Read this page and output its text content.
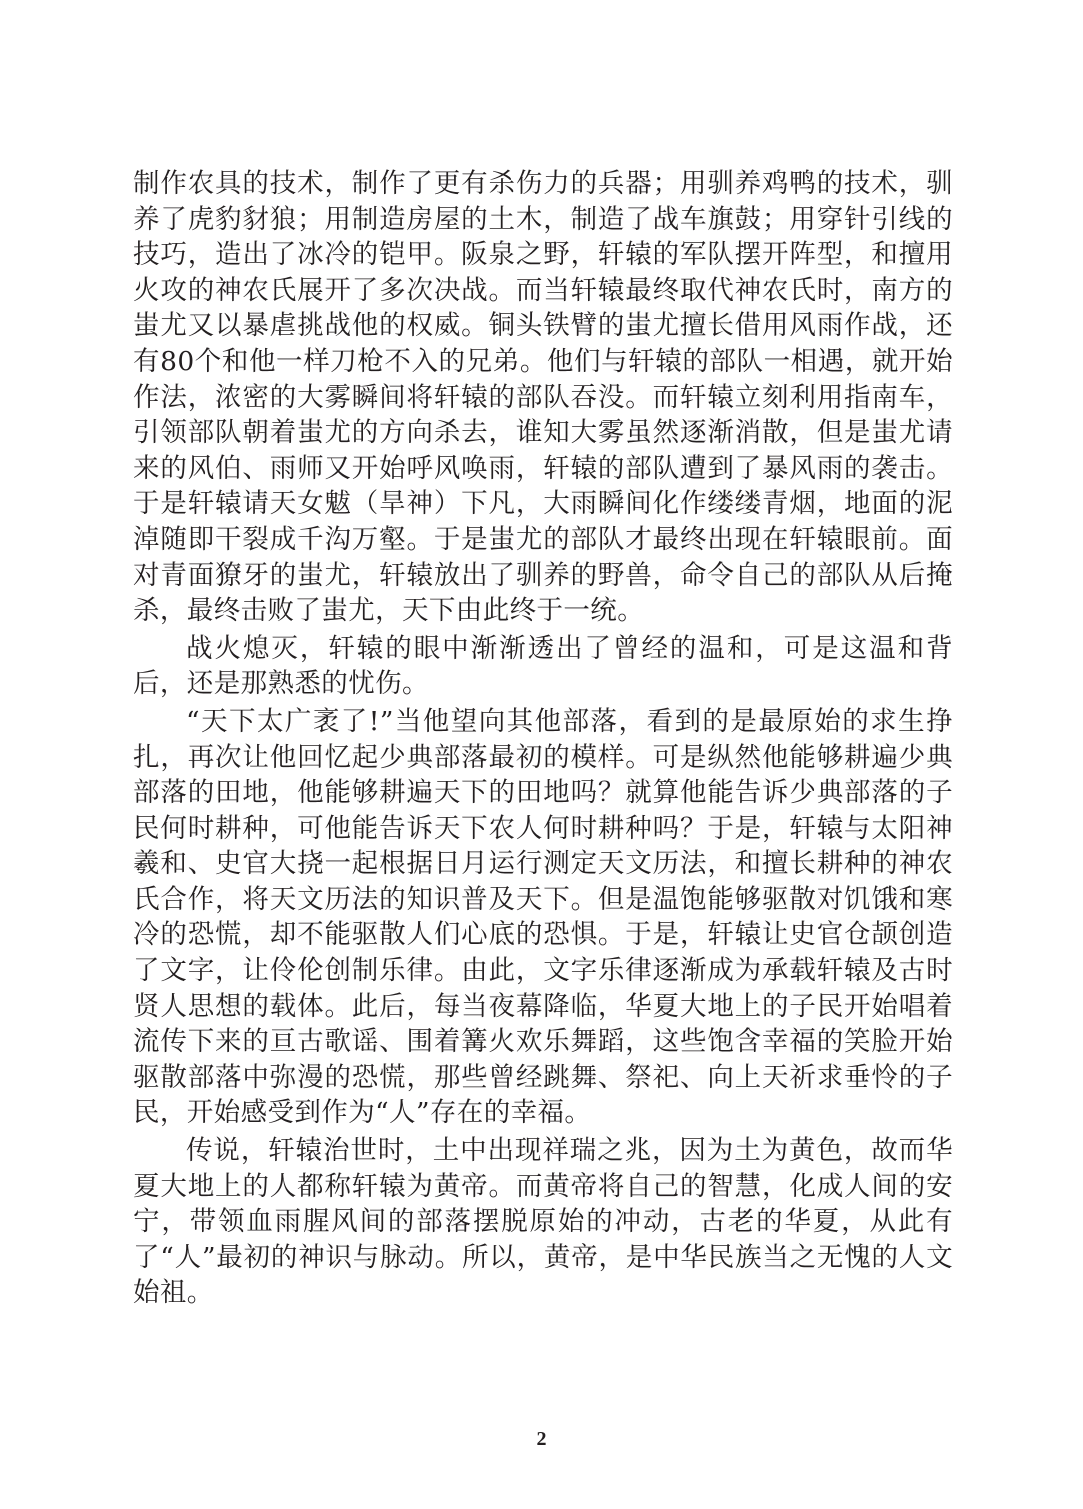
制作农具的技术，制作了更有杀伤力的兵器；用驯养鸡鸭的技术，驯养了虎豹豺狼；用制造房屋的土木，制造了战车旗鼓；用穿针引线的技巧，造出了冰冷的铠甲。阪泉之野，轩辕的军队摆开阵型，和擅用火攻的神农氏展开了多次决战。而当轩辕最终取代神农氏时，南方的蚩尤又以暴虐挑战他的权威。铜头铁臂的蚩尤擅长借用风雨作战，还有80个和他一样刀枪不入的兄弟。他们与轩辕的部队一相遇，就开始作法，浓密的大雾瞬间将轩辕的部队吞没。而轩辕立刻利用指南车，引领部队朝着蚩尤的方向杀去，谁知大雾虽然逐渐消散，但是蚩尤请来的风伯、雨师又开始呼风唤雨，轩辕的部队遭到了暴风雨的袭击。于是轩辕请天女魃（旱神）下凡，大雨瞬间化作缕缕青烟，地面的泥淖随即干裂成千沟万壑。于是蚩尤的部队才最终出现在轩辕眼前。面对青面獠牙的蚩尤，轩辕放出了驯养的野兽，命令自己的部队从后掩杀，最终击败了蚩尤，天下由此终于一统。

战火熄灭，轩辕的眼中渐渐透出了曾经的温和，可是这温和背后，还是那熟悉的忧伤。

“天下太广袤了!”当他望向其他部落，看到的是最原始的求生挣扎，再次让他回忆起少典部落最初的模样。可是纵然他能够耕遍少典部落的田地，他能够耕遍天下的田地吗？就算他能告诉少典部落的子民何时耕种，可他能告诉天下农人何时耕种吗？于是，轩辕与太阳神羲和、史官大挠一起根据日月运行测定天文历法，和擅长耕种的神农氏合作，将天文历法的知识普及天下。但是温饱能够驱散对饥饿和寒冷的恐慌，却不能驱散人们心底的恐惧。于是，轩辕让史官仓颉创造了文字，让伶伦创制乐律。由此，文字乐律逐渐成为承载轩辕及古时贤人思想的载体。此后，每当夜幕降临，华夏大地上的子民开始唱着流传下来的亘古歌谣、围着篝火欢乐舞蹈，这些饱含幸福的笑脸开始驱散部落中弥漫的恐慌，那些曾经跳舞、祭祀、向上天祈求垂怜的子民，开始感受到作为“人”存在的幸福。

传说，轩辕治世时，土中出现祥瑞之兆，因为土为黄色，故而华夏大地上的人都称轩辕为黄帝。而黄帝将自己的智慧，化成人间的安宁，带领血雨腥风间的部落摆脱原始的冲动，古老的华夏，从此有了“人”最初的神识与脉动。所以，黄帝，是中华民族当之无愧的人文始祖。

2
